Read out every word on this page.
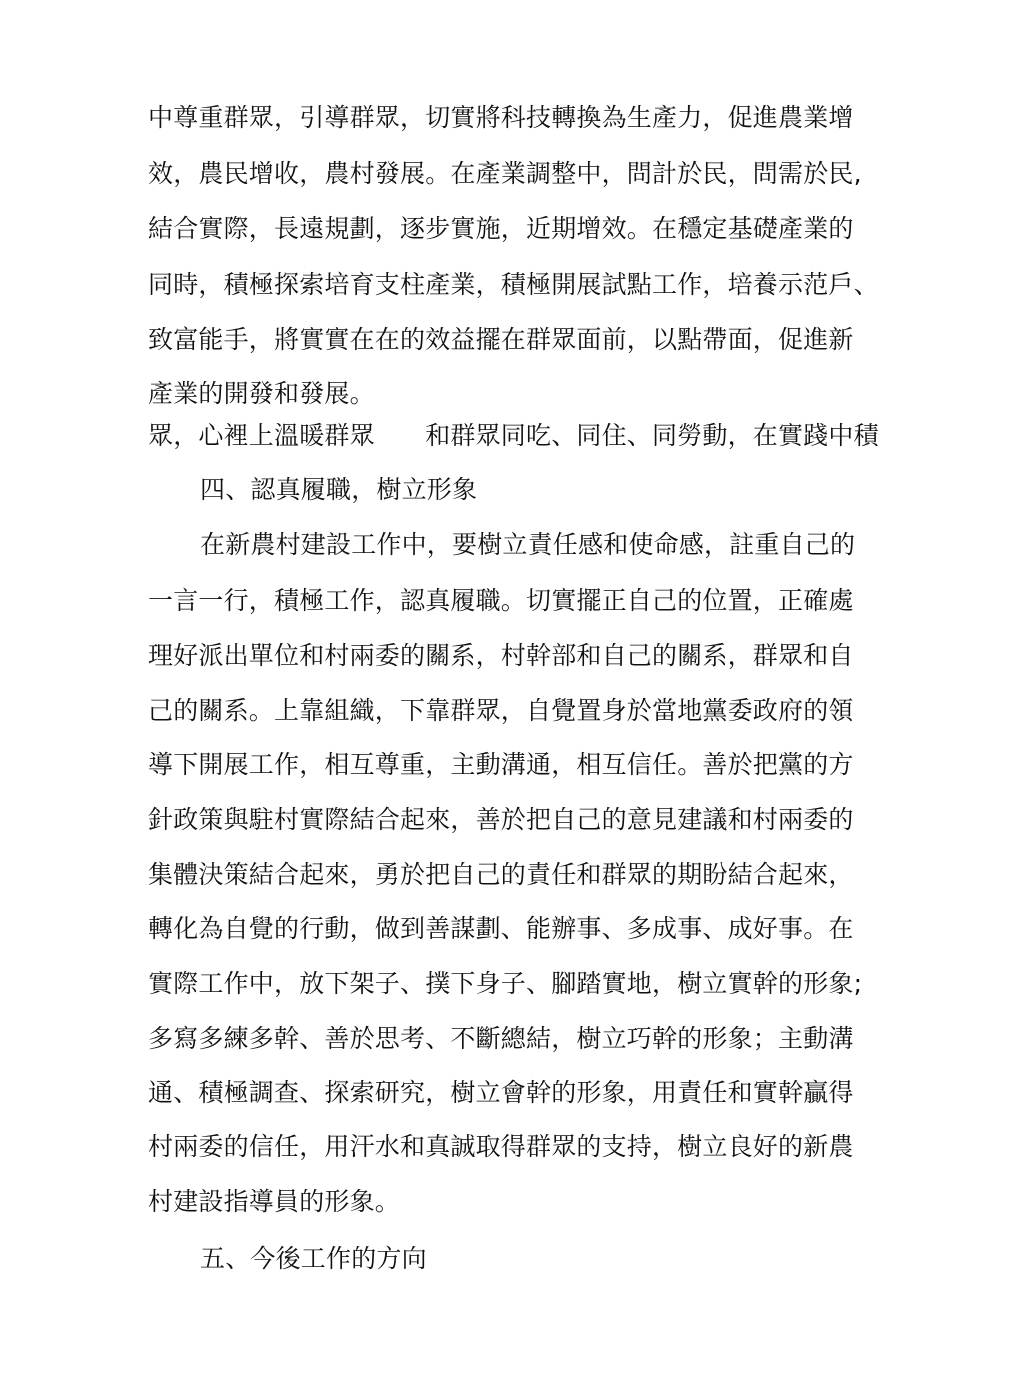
中尊重群眾，引導群眾，切實將科技轉換為生產力，促進農業增
效，農民增收，農村發展。在產業調整中，問計於民，問需於民,
結合實際，長遠規劃，逐步實施，近期增效。在穩定基礎產業的
同時，積極探索培育支柱產業，積極開展試點工作，培養示范戶、
致富能手，將實實在在的效益擺在群眾面前，以點帶面，促進新
產業的開發和發展。
眾，心裡上溫暖群眾　　和群眾同吃、同住、同勞動，在實踐中積
四、認真履職，樹立形象
在新農村建設工作中，要樹立責任感和使命感，註重自己的
一言一行，積極工作，認真履職。切實擺正自己的位置，正確處
理好派出單位和村兩委的關系，村幹部和自己的關系，群眾和自
己的關系。上靠組織，下靠群眾，自覺置身於當地黨委政府的領
導下開展工作，相互尊重，主動溝通，相互信任。善於把黨的方
針政策與駐村實際結合起來，善於把自己的意見建議和村兩委的
集體決策結合起來，勇於把自己的責任和群眾的期盼結合起來，
轉化為自覺的行動，做到善謀劃、能辦事、多成事、成好事。在
實際工作中，放下架子、撲下身子、腳踏實地，樹立實幹的形象;
多寫多練多幹、善於思考、不斷總結，樹立巧幹的形象；主動溝
通、積極調查、探索研究，樹立會幹的形象，用責任和實幹贏得
村兩委的信任，用汗水和真誠取得群眾的支持，樹立良好的新農
村建設指導員的形象。
五、今後工作的方向
